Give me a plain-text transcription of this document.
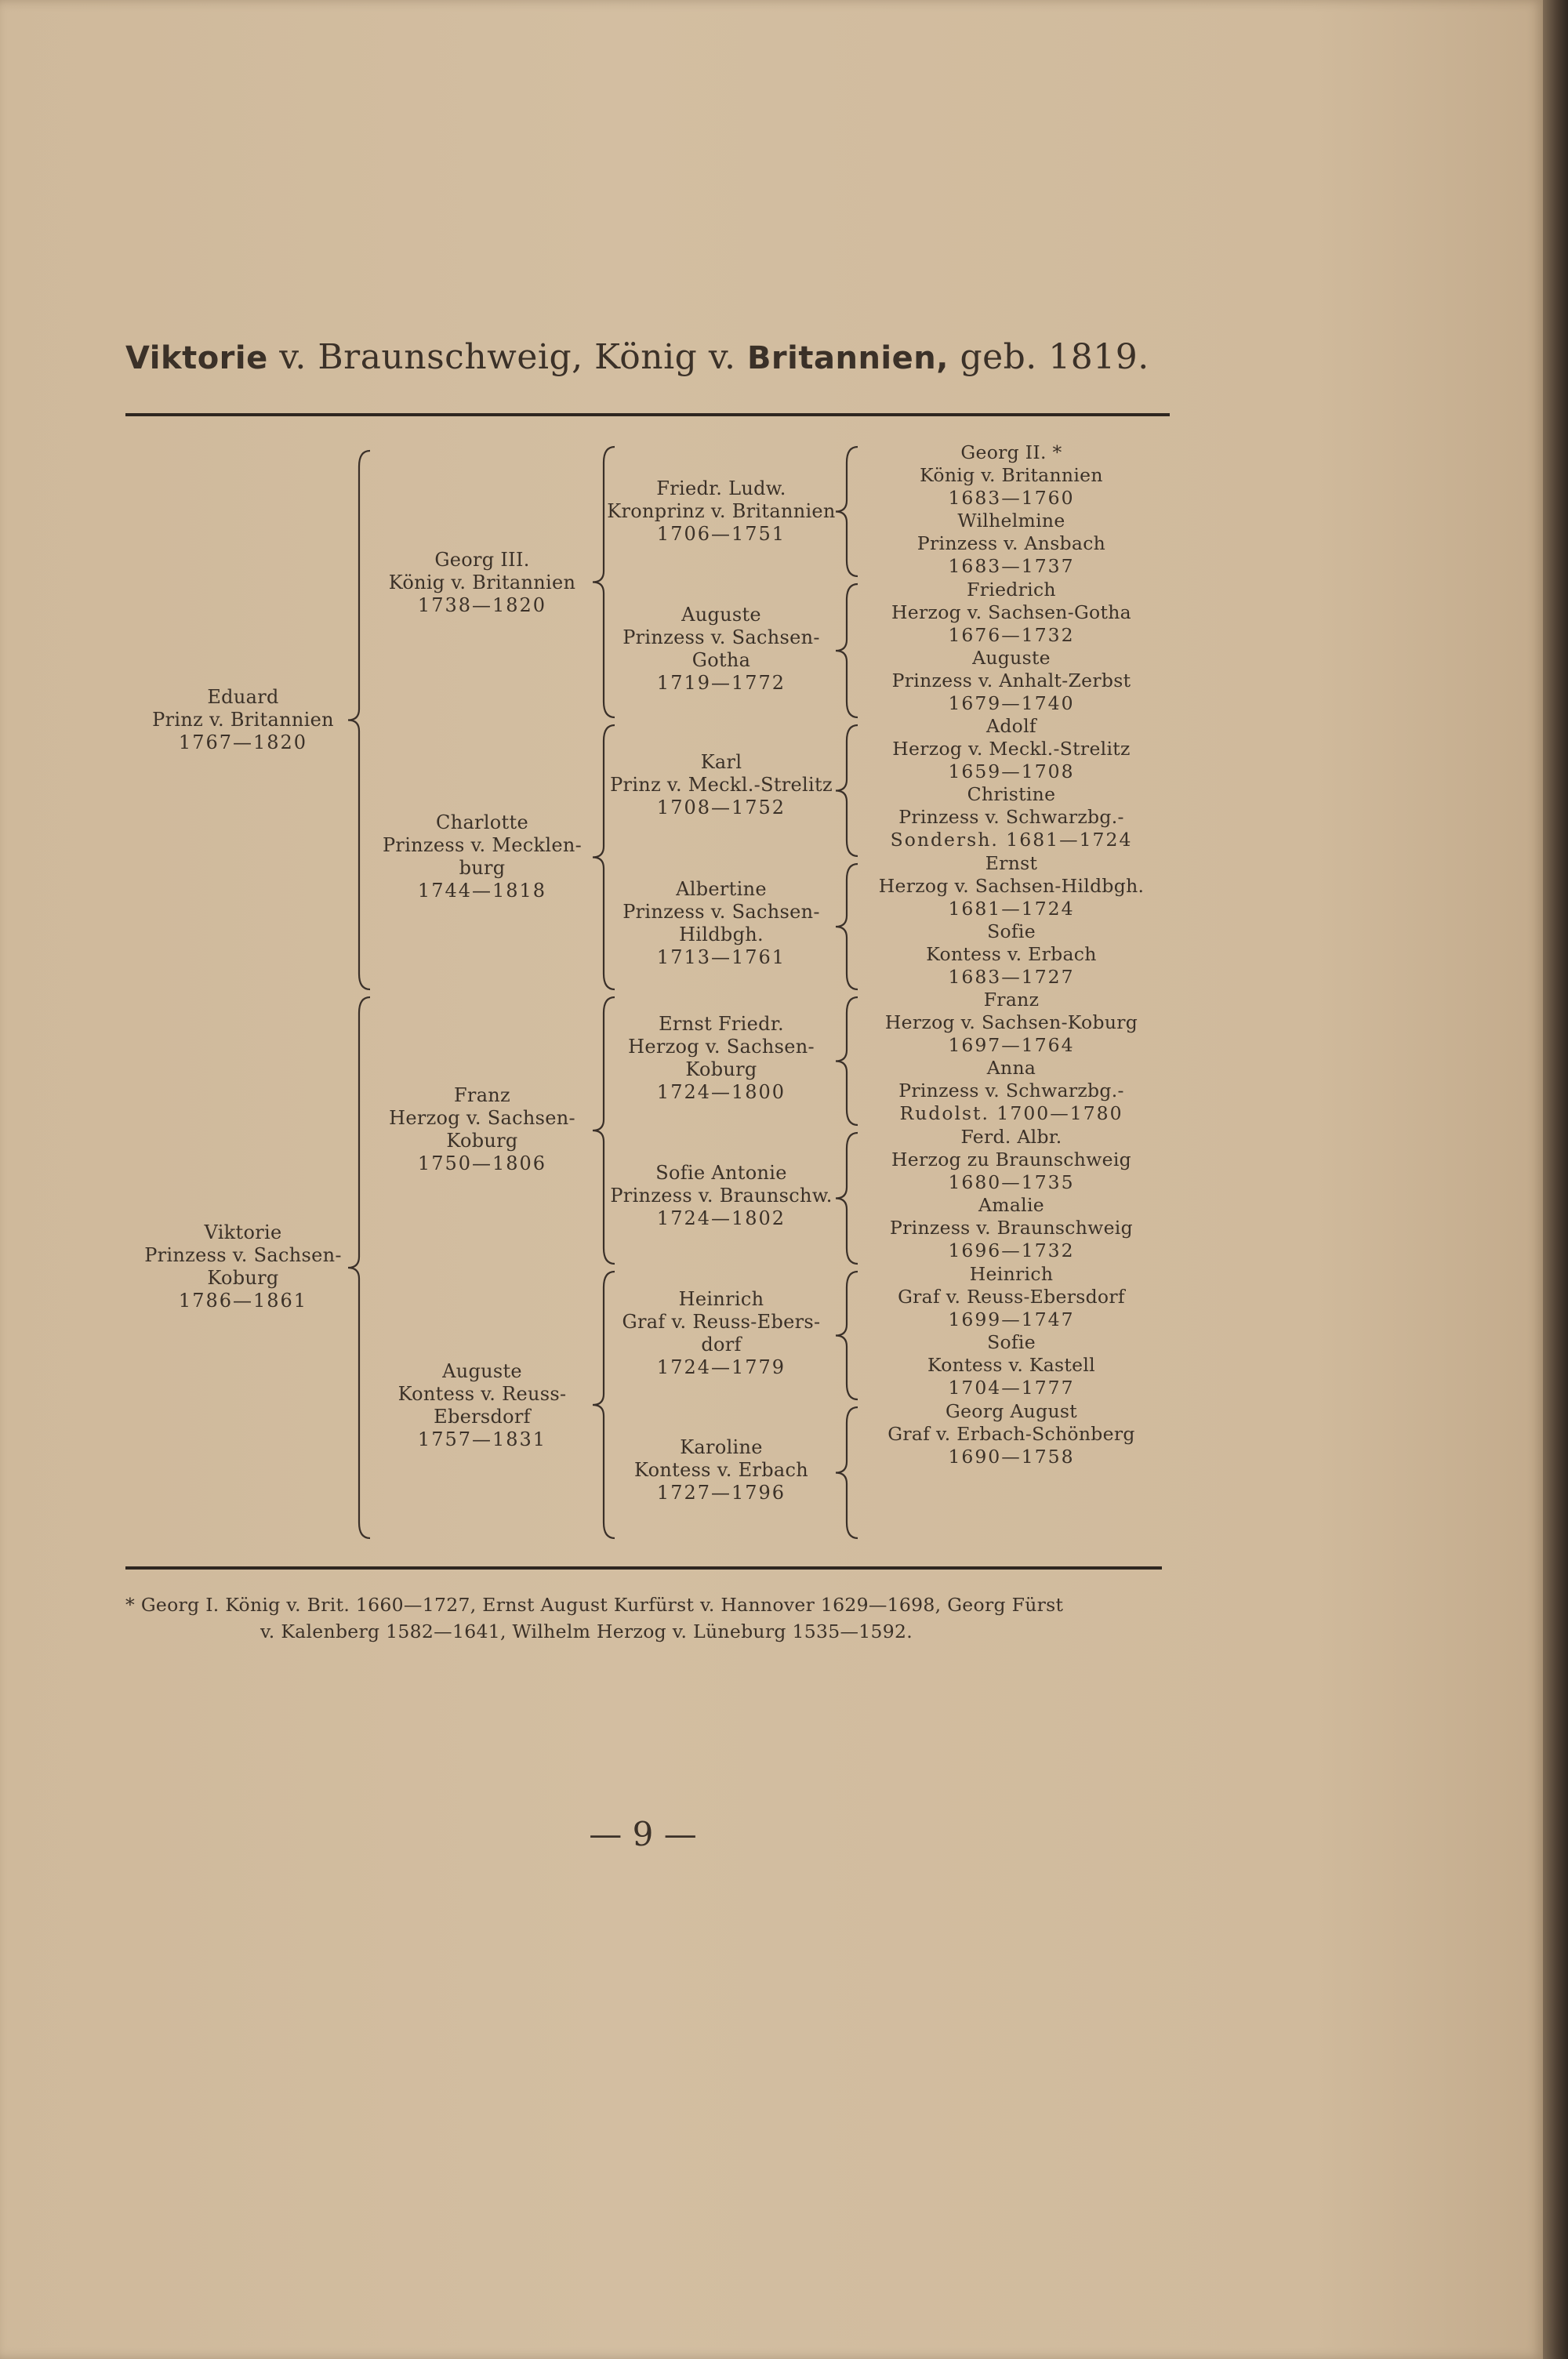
Viktorie v. Braunschweig, König v. Britannien, geb. 1819.
Eduard
Prinz v. Britannien
1767—1820
Viktorie
Prinzess v. Sachsen-
Koburg
1786—1861
Georg III.
König v. Britannien
1738—1820
Charlotte
Prinzess v. Mecklen-
burg
1744—1818
Franz
Herzog v. Sachsen-
Koburg
1750—1806
Auguste
Kontess v. Reuss-
Ebersdorf
1757—1831
Friedr. Ludw.
Kronprinz v. Britannien
1706—1751
Auguste
Prinzess v. Sachsen-
Gotha
1719—1772
Karl
Prinz v. Meckl.-Strelitz
1708—1752
Albertine
Prinzess v. Sachsen-
Hildbgh.
1713—1761
Ernst Friedr.
Herzog v. Sachsen-
Koburg
1724—1800
Sofie Antonie
Prinzess v. Braunschw.
1724—1802
Heinrich
Graf v. Reuss-Ebers-
dorf
1724—1779
Karoline
Kontess v. Erbach
1727—1796
Georg II. *
König v. Britannien
1683—1760
Wilhelmine
Prinzess v. Ansbach
1683—1737
Friedrich
Herzog v. Sachsen-Gotha
1676—1732
Auguste
Prinzess v. Anhalt-Zerbst
1679—1740
Adolf
Herzog v. Meckl.-Strelitz
1659—1708
Christine
Prinzess v. Schwarzbg.-
Sondersh. 1681—1724
Ernst
Herzog v. Sachsen-Hildbgh.
1681—1724
Sofie
Kontess v. Erbach
1683—1727
Franz
Herzog v. Sachsen-Koburg
1697—1764
Anna
Prinzess v. Schwarzbg.-
Rudolst. 1700—1780
Ferd. Albr.
Herzog zu Braunschweig
1680—1735
Amalie
Prinzess v. Braunschweig
1696—1732
Heinrich
Graf v. Reuss-Ebersdorf
1699—1747
Sofie
Kontess v. Kastell
1704—1777
Georg August
Graf v. Erbach-Schönberg
1690—1758
* Georg I. König v. Brit. 1660—1727, Ernst August Kurfürst v. Hannover 1629—1698, Georg Fürst
v. Kalenberg 1582—1641, Wilhelm Herzog v. Lüneburg 1535—1592.
— 9 —
